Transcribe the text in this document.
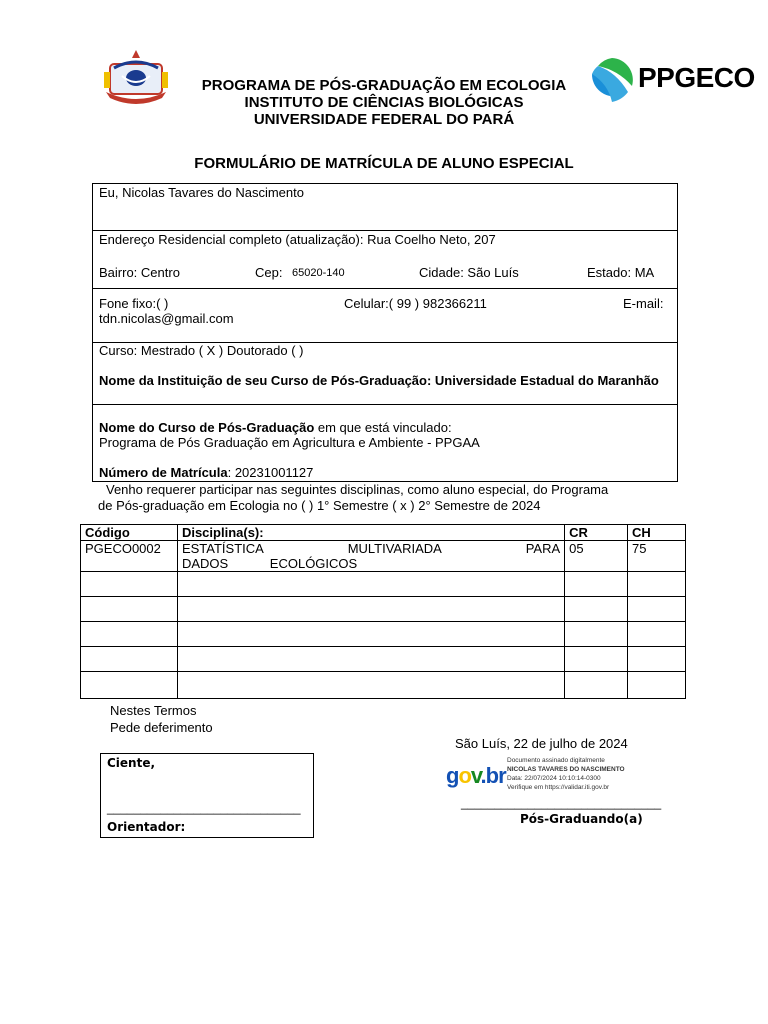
PROGRAMA DE PÓS-GRADUAÇÃO EM ECOLOGIA
INSTITUTO DE CIÊNCIAS BIOLÓGICAS
UNIVERSIDADE FEDERAL DO PARÁ
PPGECO
FORMULÁRIO DE MATRÍCULA DE ALUNO ESPECIAL
Eu, Nicolas Tavares do Nascimento
Endereço Residencial completo (atualização): Rua Coelho Neto, 207
Bairro: Centro	Cep: 65020-140	Cidade: São Luís	Estado: MA
Fone fixo:( )	Celular:( 99 ) 982366211	E-mail:
tdn.nicolas@gmail.com
Curso: Mestrado ( X ) Doutorado ( )
Nome da Instituição de seu Curso de Pós-Graduação: Universidade Estadual do Maranhão
Nome do Curso de Pós-Graduação em que está vinculado:
Programa de Pós Graduação em Agricultura e Ambiente - PPGAA
Número de Matrícula: 20231001127
Venho requerer participar nas seguintes disciplinas, como aluno especial, do Programa
de Pós-graduação em Ecologia no ( ) 1° Semestre ( x ) 2° Semestre de 2024
Código	Disciplina(s):	CR	CH
PGECO0002	ESTATÍSTICA MULTIVARIADA PARA DADOS ECOLÓGICOS	05	75

Nestes Termos
Pede deferimento
São Luís, 22 de julho de 2024
Ciente,
_____________________________
Orientador:
gov.br
Documento assinado digitalmente
NICOLAS TAVARES DO NASCIMENTO
Data: 22/07/2024 10:10:14-0300
Verifique em https://validar.iti.gov.br
______________________________
Pós-Graduando(a)
